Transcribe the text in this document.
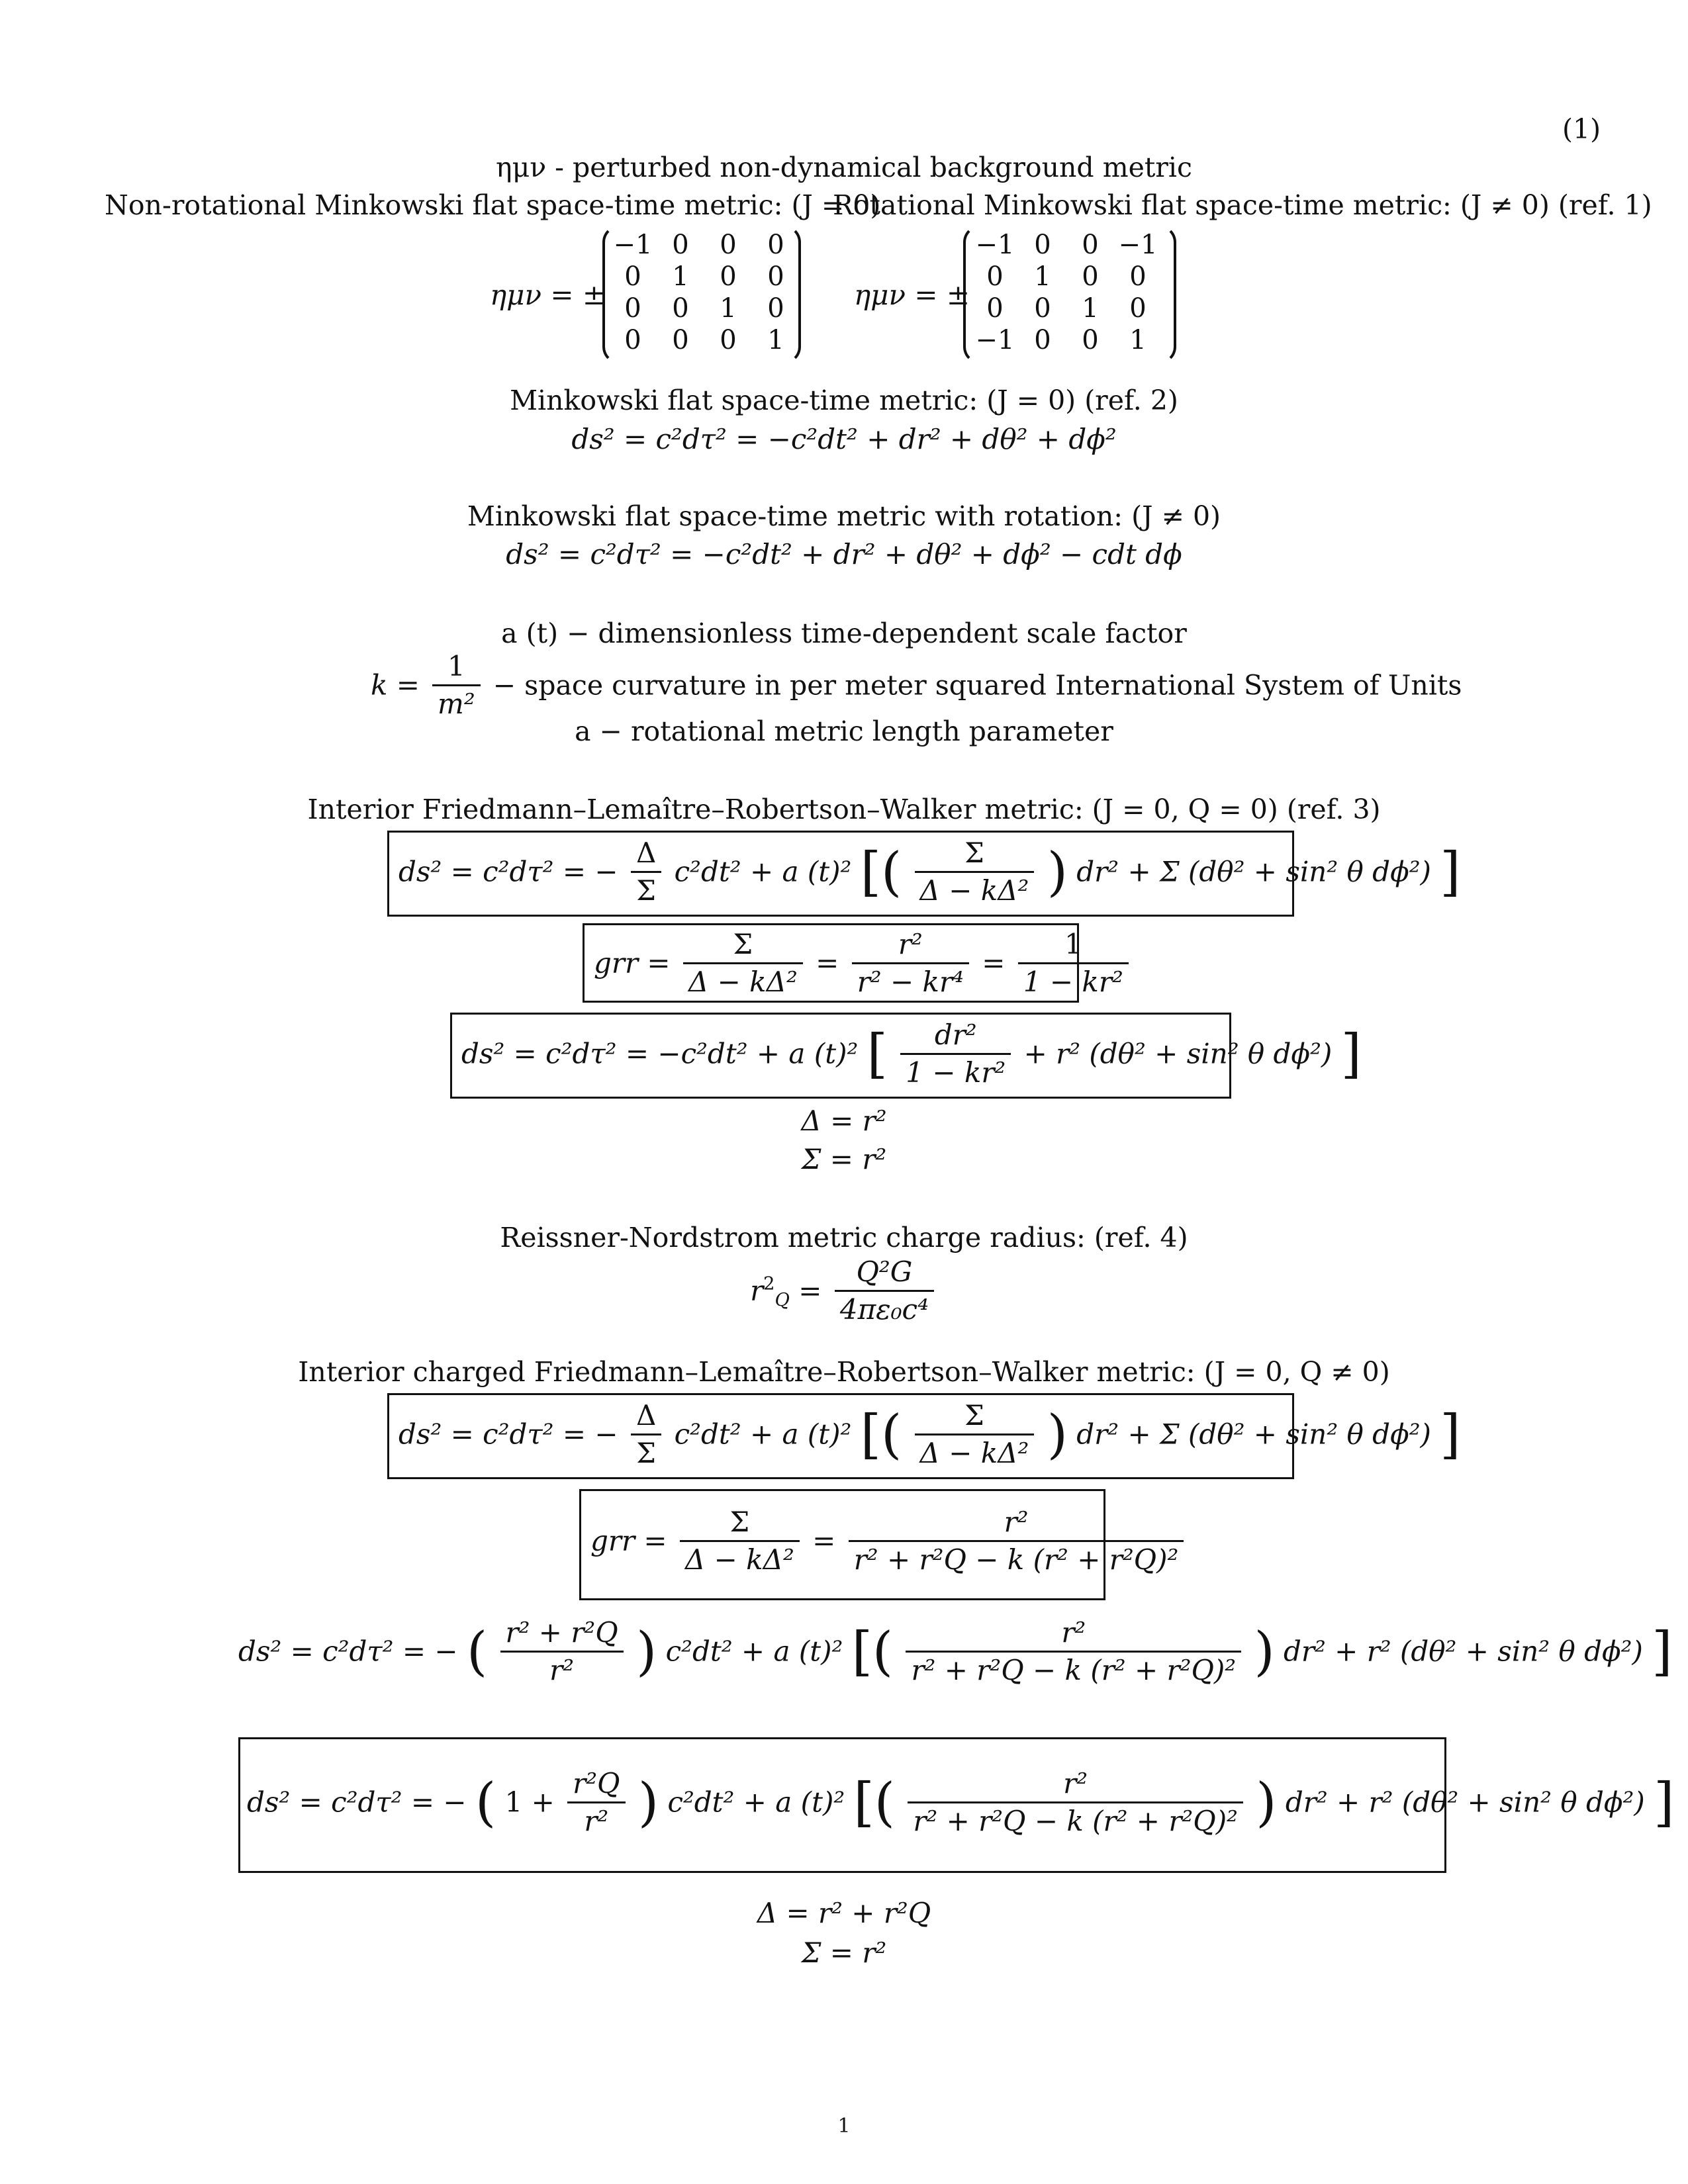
(1)
ημν - perturbed non-dynamical background metric
Non-rotational Minkowski flat space-time metric: (J = 0)
Rotational Minkowski flat space-time metric: (J ≠ 0) (ref. 1)
ημν = ±
−1	0	0	0
0	1	0	0
0	0	1	0
0	0	0	1
ημν = ±
−1	0	0	−1
0	1	0	0
0	0	1	0
−1	0	0	1
Minkowski flat space-time metric: (J = 0) (ref. 2)
ds² = c²dτ² = −c²dt² + dr² + dθ² + dϕ²
Minkowski flat space-time metric with rotation: (J ≠ 0)
ds² = c²dτ² = −c²dt² + dr² + dθ² + dϕ² − cdt dϕ
a (t) − dimensionless time-dependent scale factor
$k = \frac{1}{\text{m²}}$ − space curvature in per meter squared International System of Units
a − rotational metric length parameter
Interior Friedmann–Lemaître–Robertson–Walker metric: (J = 0, Q = 0) (ref. 3)
ds² = c²dτ² = − $\frac{\Delta}{\Sigma} c^2dt^2 + a$ (t)² [( $\frac{\Sigma}{\text{Δ − kΔ²}}$ ) dr² + Σ (dθ² + sin² θ dϕ²) ]
grr = $\frac{\Sigma}{\text{Δ − kΔ²}} = \frac{\text{r²}}{\text{r² − kr⁴}} = \frac{1}{\text{1 − kr²}}$
ds² = c²dτ² = −c²dt² + a (t)² [ $\frac{\text{dr²}}{\text{1 − kr²}} + r^2$ (dθ² + sin² θ dϕ²) ]
Δ = r²
Σ = r²
Reissner-Nordstrom metric charge radius: (ref. 4)
$r^2_Q = \frac{\text{Q²G}}{\text{4πε₀c⁴}}$
Interior charged Friedmann–Lemaître–Robertson–Walker metric: (J = 0, Q ≠ 0)
ds² = c²dτ² = − $\frac{\Delta}{\Sigma} c^2dt^2 + a$ (t)² [( $\frac{\Sigma}{\text{Δ − kΔ²}}$ ) dr² + Σ (dθ² + sin² θ dϕ²) ]
grr = $\frac{\Sigma}{\text{Δ − kΔ²}} = \frac{\text{r²}}{\text{r² + r²Q − k (r² + r²Q)²}}$
ds² = c²dτ² = − ( $\frac{\text{r² + r²Q}}{\text{r²}}$ ) c²dt² + a (t)² [( $\frac{\text{r²}}{\text{r² + r²Q − k (r² + r²Q)²}}$ ) dr² + r² (dθ² + sin² θ dϕ²) ]
ds² = c²dτ² = − ( $1 + \frac{\text{r²Q}}{\text{r²}}$ ) c²dt² + a (t)² [( $\frac{\text{r²}}{\text{r² + r²Q − k (r² + r²Q)²}}$ ) dr² + r² (dθ² + sin² θ dϕ²) ]
Δ = r² + r²Q
Σ = r²
1
